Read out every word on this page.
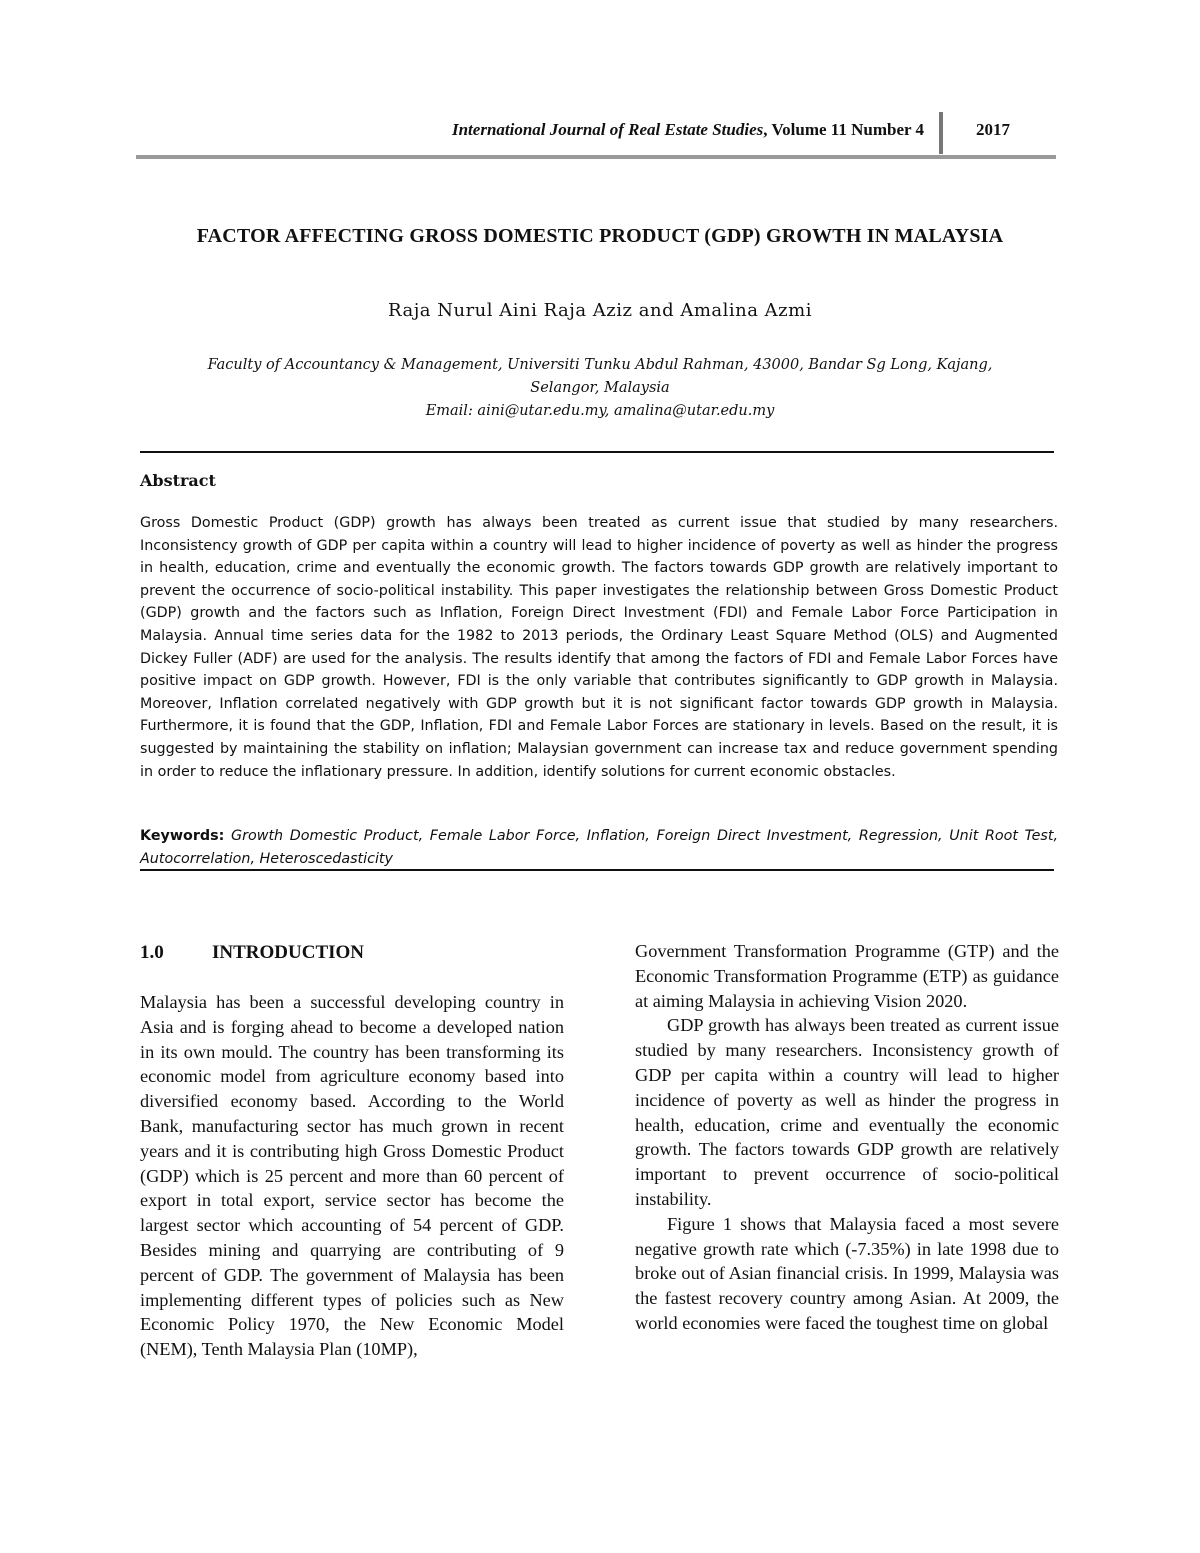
International Journal of Real Estate Studies, Volume 11 Number 4	2017
FACTOR AFFECTING GROSS DOMESTIC PRODUCT (GDP) GROWTH IN MALAYSIA
Raja Nurul Aini Raja Aziz and Amalina Azmi
Faculty of Accountancy & Management, Universiti Tunku Abdul Rahman, 43000, Bandar Sg Long, Kajang,
Selangor, Malaysia
Email: aini@utar.edu.my, amalina@utar.edu.my
Abstract
Gross Domestic Product (GDP) growth has always been treated as current issue that studied by many researchers. Inconsistency growth of GDP per capita within a country will lead to higher incidence of poverty as well as hinder the progress in health, education, crime and eventually the economic growth. The factors towards GDP growth are relatively important to prevent the occurrence of socio-political instability. This paper investigates the relationship between Gross Domestic Product (GDP) growth and the factors such as Inflation, Foreign Direct Investment (FDI) and Female Labor Force Participation in Malaysia. Annual time series data for the 1982 to 2013 periods, the Ordinary Least Square Method (OLS) and Augmented Dickey Fuller (ADF) are used for the analysis. The results identify that among the factors of FDI and Female Labor Forces have positive impact on GDP growth. However, FDI is the only variable that contributes significantly to GDP growth in Malaysia. Moreover, Inflation correlated negatively with GDP growth but it is not significant factor towards GDP growth in Malaysia. Furthermore, it is found that the GDP, Inflation, FDI and Female Labor Forces are stationary in levels. Based on the result, it is suggested by maintaining the stability on inflation; Malaysian government can increase tax and reduce government spending in order to reduce the inflationary pressure. In addition, identify solutions for current economic obstacles.
Keywords: Growth Domestic Product, Female Labor Force, Inflation, Foreign Direct Investment, Regression, Unit Root Test, Autocorrelation, Heteroscedasticity
1.0	INTRODUCTION

Malaysia has been a successful developing country in Asia and is forging ahead to become a developed nation in its own mould. The country has been transforming its economic model from agriculture economy based into diversified economy based. According to the World Bank, manufacturing sector has much grown in recent years and it is contributing high Gross Domestic Product (GDP) which is 25 percent and more than 60 percent of export in total export, service sector has become the largest sector which accounting of 54 percent of GDP. Besides mining and quarrying are contributing of 9 percent of GDP. The government of Malaysia has been implementing different types of policies such as New Economic Policy 1970, the New Economic Model (NEM), Tenth Malaysia Plan (10MP),

Government Transformation Programme (GTP) and the Economic Transformation Programme (ETP) as guidance at aiming Malaysia in achieving Vision 2020.

GDP growth has always been treated as current issue studied by many researchers. Inconsistency growth of GDP per capita within a country will lead to higher incidence of poverty as well as hinder the progress in health, education, crime and eventually the economic growth. The factors towards GDP growth are relatively important to prevent occurrence of socio-political instability.

Figure 1 shows that Malaysia faced a most severe negative growth rate which (-7.35%) in late 1998 due to broke out of Asian financial crisis. In 1999, Malaysia was the fastest recovery country among Asian. At 2009, the world economies were faced the toughest time on global
